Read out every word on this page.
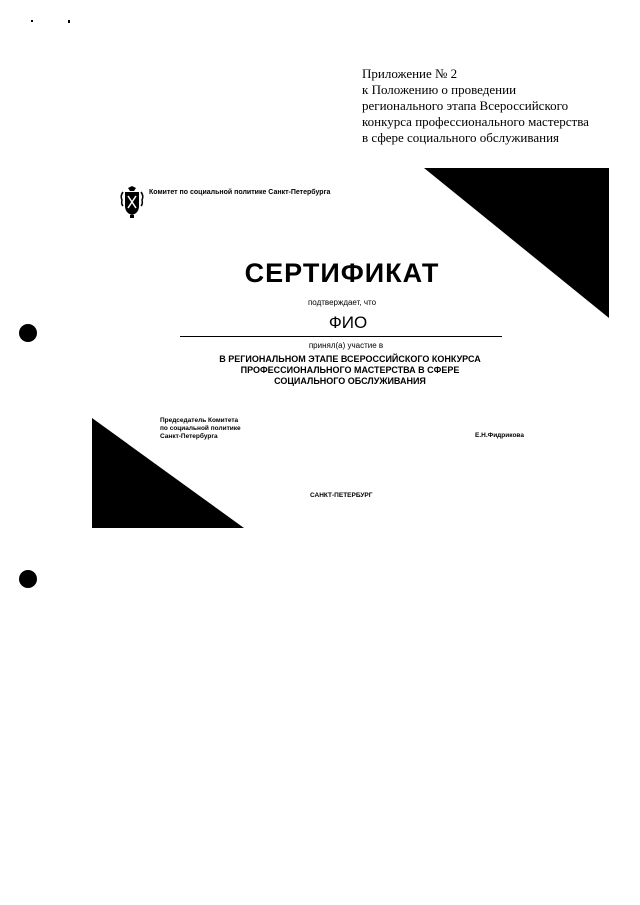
Приложение № 2
к Положению о проведении
регионального этапа Всероссийского
конкурса профессионального мастерства
в сфере социального обслуживания
Комитет по социальной политике Санкт-Петербурга
СЕРТИФИКАТ
подтверждает, что
ФИО
принял(а) участие в
В РЕГИОНАЛЬНОМ ЭТАПЕ ВСЕРОССИЙСКОГО КОНКУРСА
ПРОФЕССИОНАЛЬНОГО МАСТЕРСТВА В СФЕРЕ
СОЦИАЛЬНОГО ОБСЛУЖИВАНИЯ
Председатель Комитета
по социальной политике
Санкт-Петербурга	Е.Н.Фидрикова
САНКТ-ПЕТЕРБУРГ
